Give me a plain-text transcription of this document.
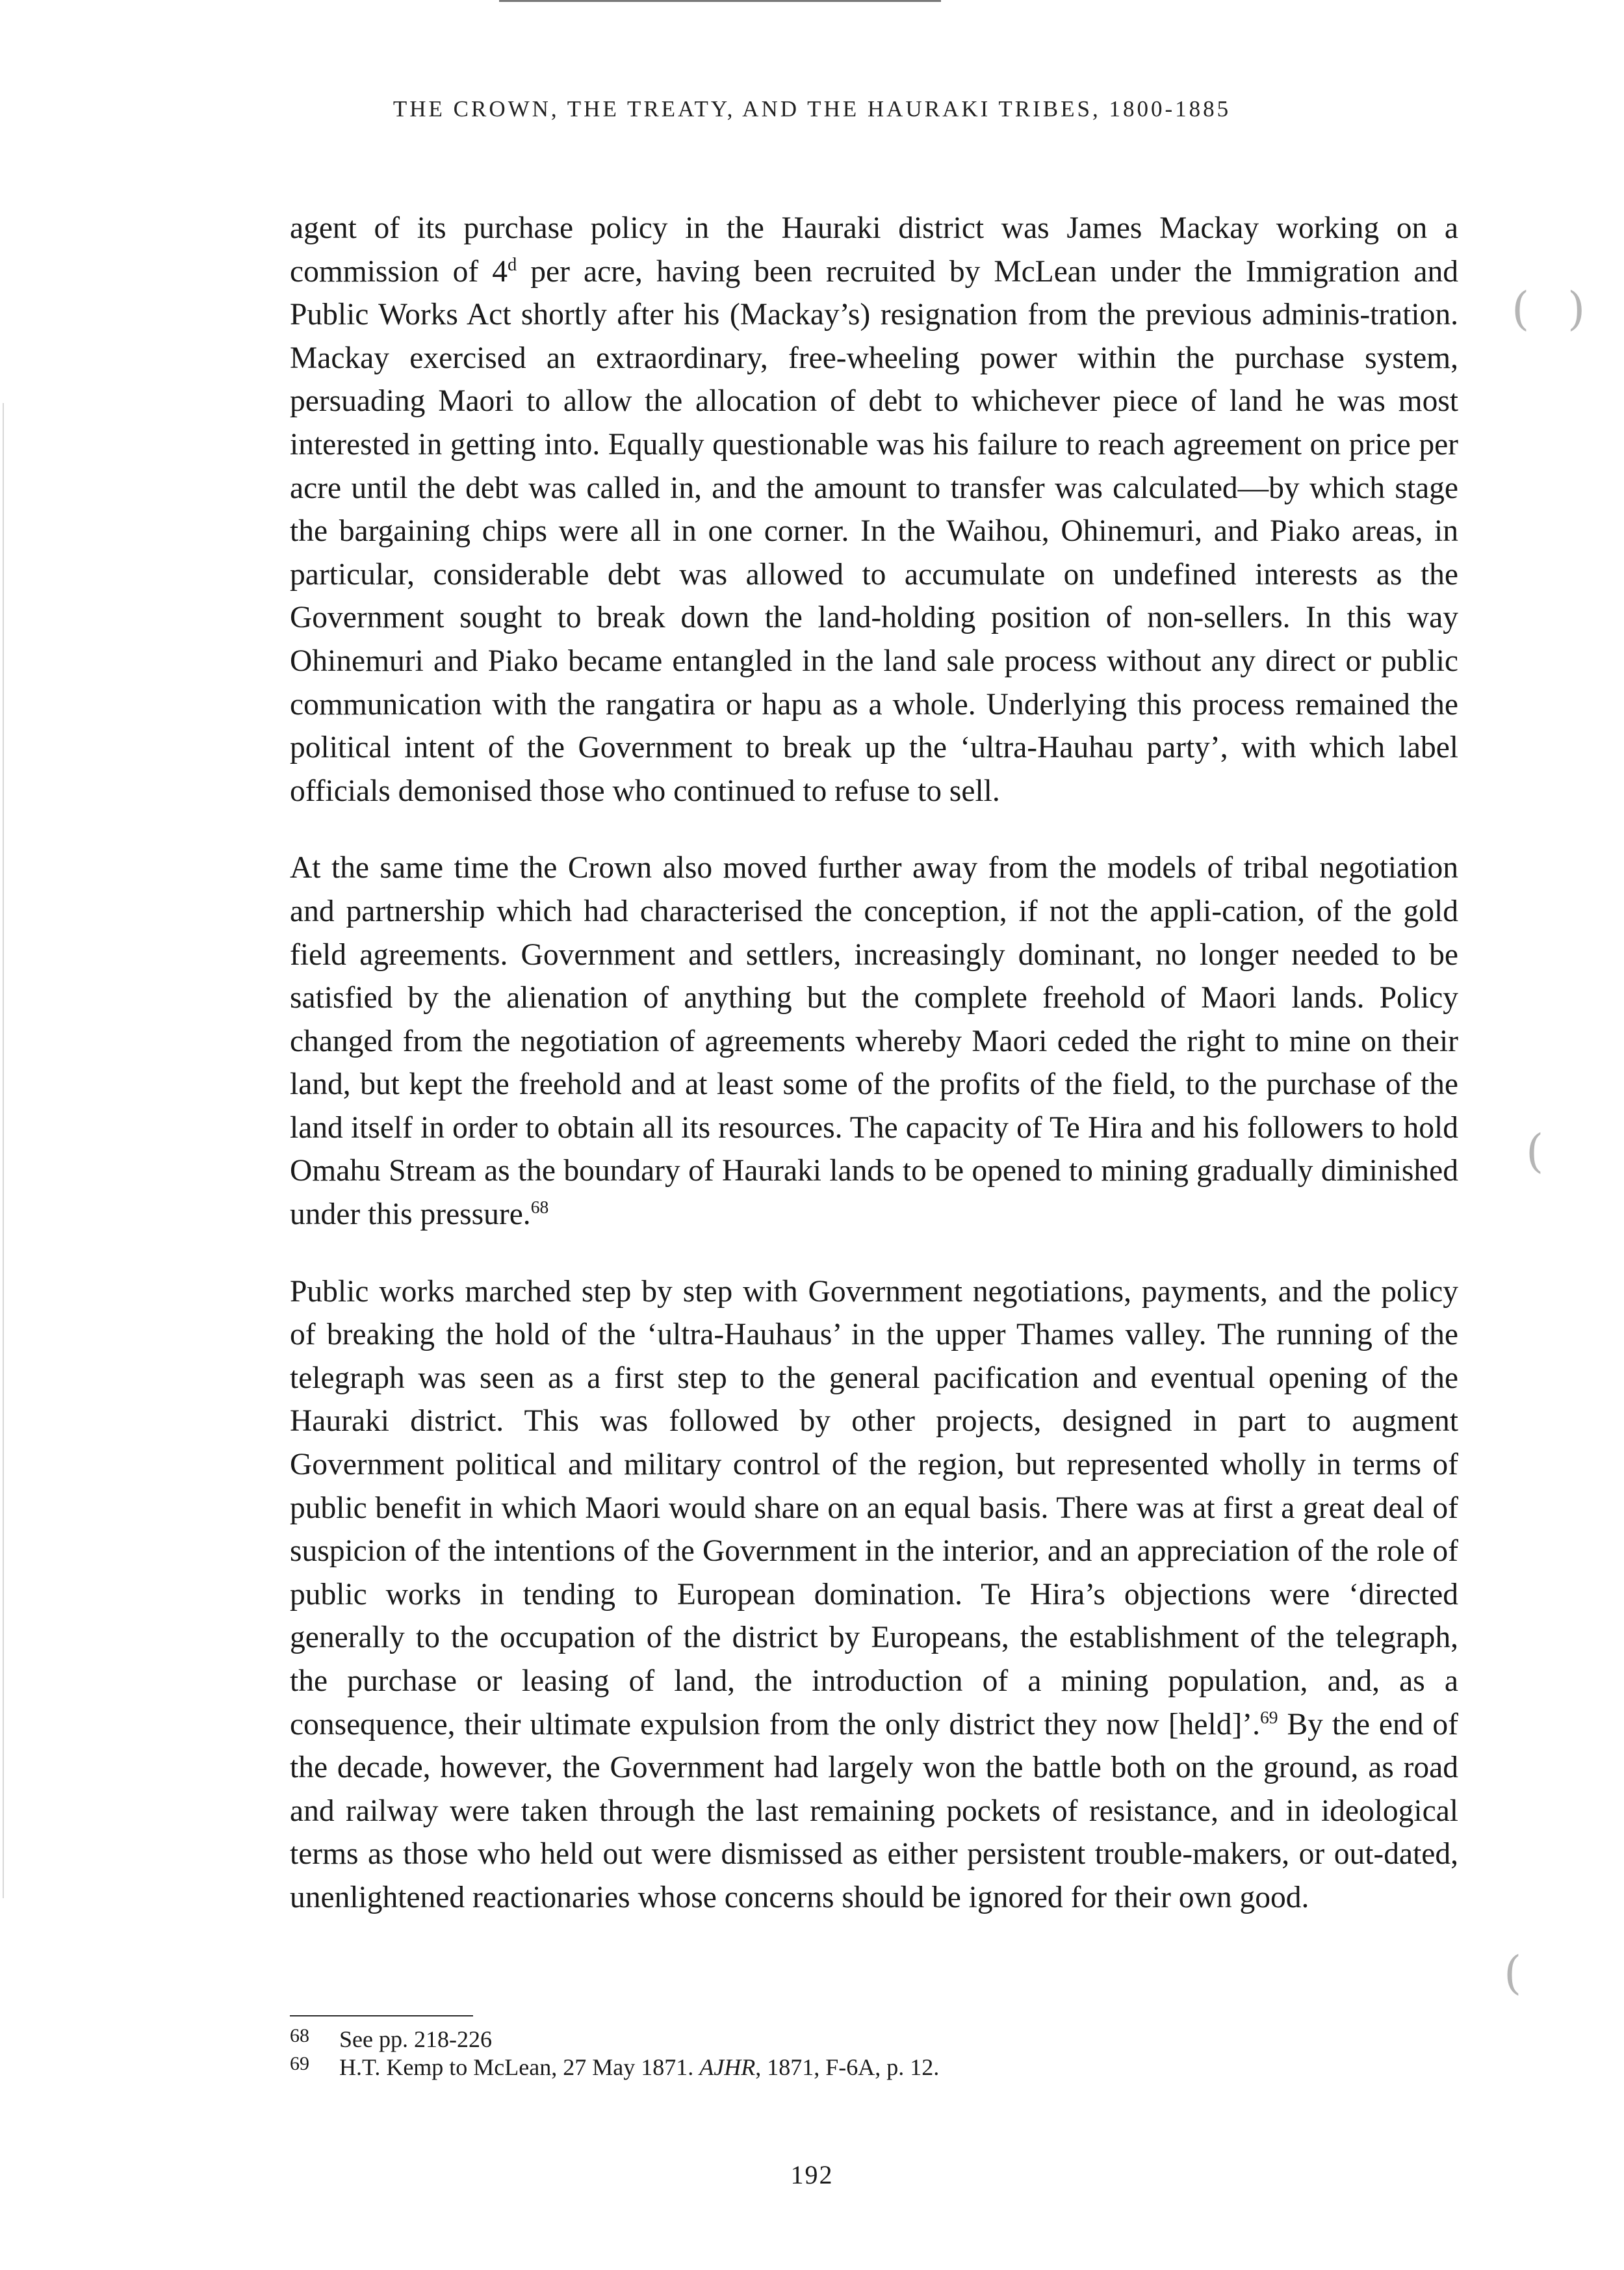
THE CROWN, THE TREATY, AND THE HAURAKI TRIBES, 1800-1885

agent of its purchase policy in the Hauraki district was James Mackay working on a commission of 4$^d$ per acre, having been recruited by McLean under the Immigration and Public Works Act shortly after his (Mackay’s) resignation from the previous adminis-tration. Mackay exercised an extraordinary, free-wheeling power within the purchase system, persuading Maori to allow the allocation of debt to whichever piece of land he was most interested in getting into. Equally questionable was his failure to reach agreement on price per acre until the debt was called in, and the amount to transfer was calculated—by which stage the bargaining chips were all in one corner. In the Waihou, Ohinemuri, and Piako areas, in particular, considerable debt was allowed to accumulate on undefined interests as the Government sought to break down the land-holding position of non-sellers. In this way Ohinemuri and Piako became entangled in the land sale process without any direct or public communication with the rangatira or hapu as a whole. Underlying this process remained the political intent of the Government to break up the ‘ultra-Hauhau party’, with which label officials demonised those who continued to refuse to sell.

At the same time the Crown also moved further away from the models of tribal negotiation and partnership which had characterised the conception, if not the appli-cation, of the gold field agreements. Government and settlers, increasingly dominant, no longer needed to be satisfied by the alienation of anything but the complete freehold of Maori lands. Policy changed from the negotiation of agreements whereby Maori ceded the right to mine on their land, but kept the freehold and at least some of the profits of the field, to the purchase of the land itself in order to obtain all its resources. The capacity of Te Hira and his followers to hold Omahu Stream as the boundary of Hauraki lands to be opened to mining gradually diminished under this pressure.$^{68}$

Public works marched step by step with Government negotiations, payments, and the policy of breaking the hold of the ‘ultra-Hauhaus’ in the upper Thames valley. The running of the telegraph was seen as a first step to the general pacification and eventual opening of the Hauraki district. This was followed by other projects, designed in part to augment Government political and military control of the region, but represented wholly in terms of public benefit in which Maori would share on an equal basis. There was at first a great deal of suspicion of the intentions of the Government in the interior, and an appreciation of the role of public works in tending to European domination. Te Hira’s objections were ‘directed generally to the occupation of the district by Europeans, the establishment of the telegraph, the purchase or leasing of land, the introduction of a mining population, and, as a consequence, their ultimate expulsion from the only district they now [held]’.$^{69}$ By the end of the decade, however, the Government had largely won the battle both on the ground, as road and railway were taken through the last remaining pockets of resistance, and in ideological terms as those who held out were dismissed as either persistent trouble-makers, or out-dated, unenlightened reactionaries whose concerns should be ignored for their own good.

68 See pp. 218-226
69 H.T. Kemp to McLean, 27 May 1871. AJHR, 1871, F-6A, p. 12.
192
( )
(
(
